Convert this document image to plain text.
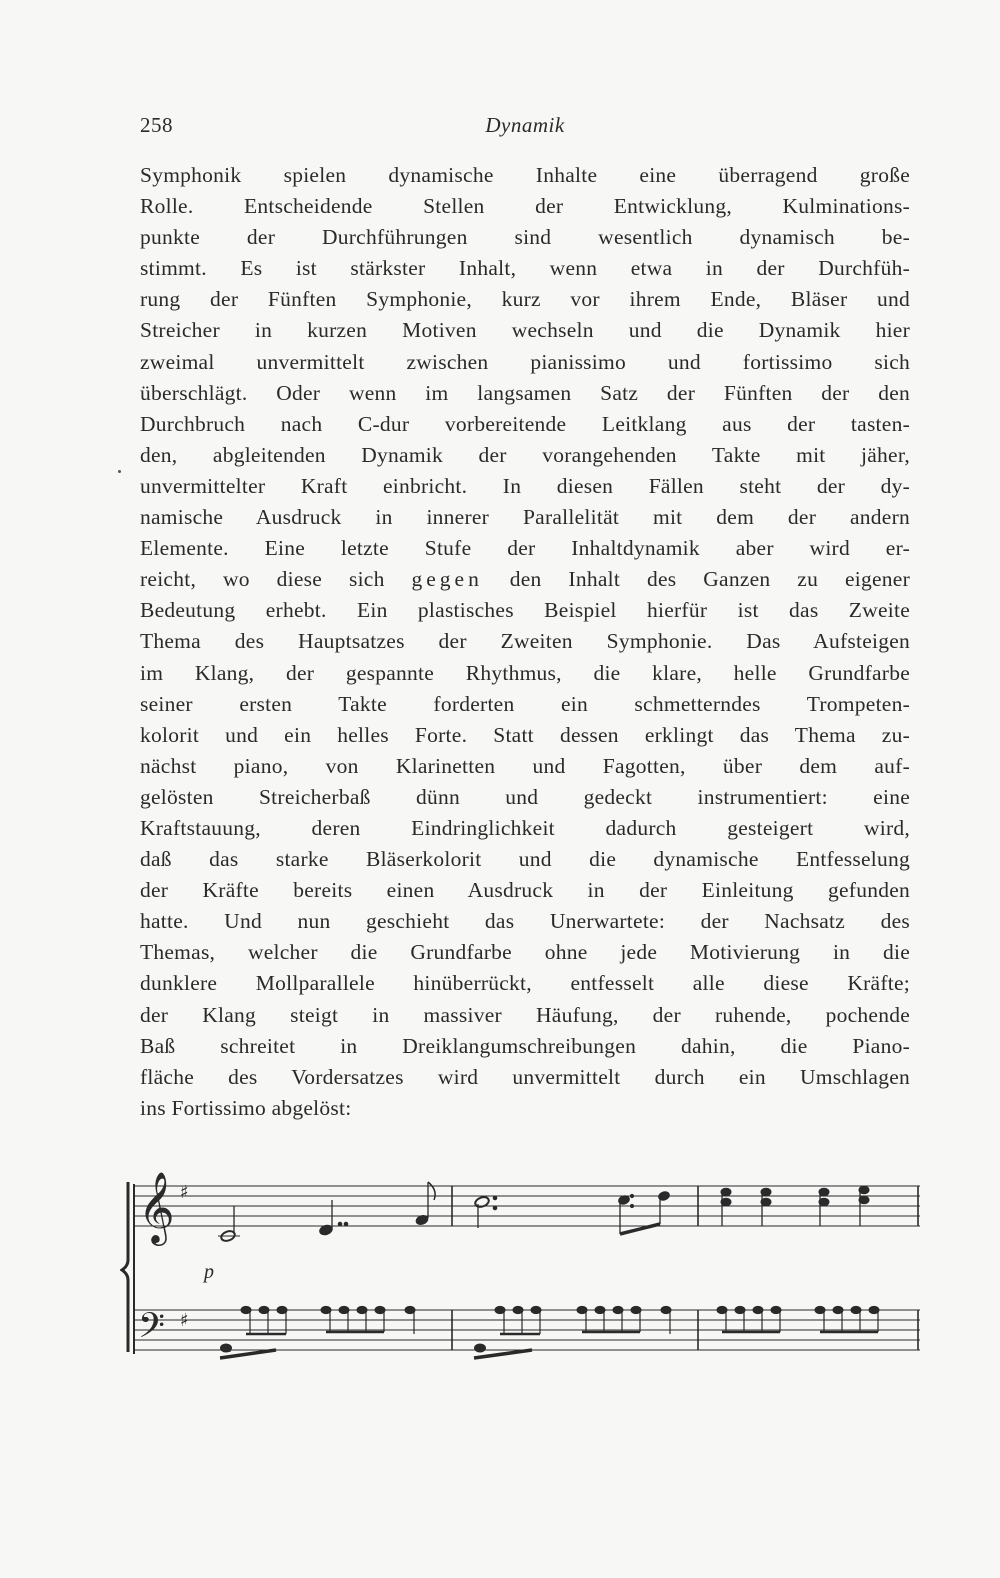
258	Dynamik
Symphonik spielen dynamische Inhalte eine überragend große
Rolle. Entscheidende Stellen der Entwicklung, Kulminations-
punkte der Durchführungen sind wesentlich dynamisch be-
stimmt. Es ist stärkster Inhalt, wenn etwa in der Durchfüh-
rung der Fünften Symphonie, kurz vor ihrem Ende, Bläser und
Streicher in kurzen Motiven wechseln und die Dynamik hier
zweimal unvermittelt zwischen pianissimo und fortissimo sich
überschlägt. Oder wenn im langsamen Satz der Fünften der den
Durchbruch nach C-dur vorbereitende Leitklang aus der tasten-
den, abgleitenden Dynamik der vorangehenden Takte mit jäher,
unvermittelter Kraft einbricht. In diesen Fällen steht der dy-
namische Ausdruck in innerer Parallelität mit dem der andern
Elemente. Eine letzte Stufe der Inhaltdynamik aber wird er-
reicht, wo diese sich gegen den Inhalt des Ganzen zu eigener
Bedeutung erhebt. Ein plastisches Beispiel hierfür ist das Zweite
Thema des Hauptsatzes der Zweiten Symphonie. Das Aufsteigen
im Klang, der gespannte Rhythmus, die klare, helle Grundfarbe
seiner ersten Takte forderten ein schmetterndes Trompeten-
kolorit und ein helles Forte. Statt dessen erklingt das Thema zu-
nächst piano, von Klarinetten und Fagotten, über dem auf-
gelösten Streicherbaß dünn und gedeckt instrumentiert: eine
Kraftstauung, deren Eindringlichkeit dadurch gesteigert wird,
daß das starke Bläserkolorit und die dynamische Entfesselung
der Kräfte bereits einen Ausdruck in der Einleitung gefunden
hatte. Und nun geschieht das Unerwartete: der Nachsatz des
Themas, welcher die Grundfarbe ohne jede Motivierung in die
dunklere Mollparallele hinüberrückt, entfesselt alle diese Kräfte;
der Klang steigt in massiver Häufung, der ruhende, pochende
Baß schreitet in Dreiklangumschreibungen dahin, die Piano-
fläche des Vordersatzes wird unvermittelt durch ein Umschlagen
ins Fortissimo abgelöst:
𝄞 ♯
𝄢 ♯
p
